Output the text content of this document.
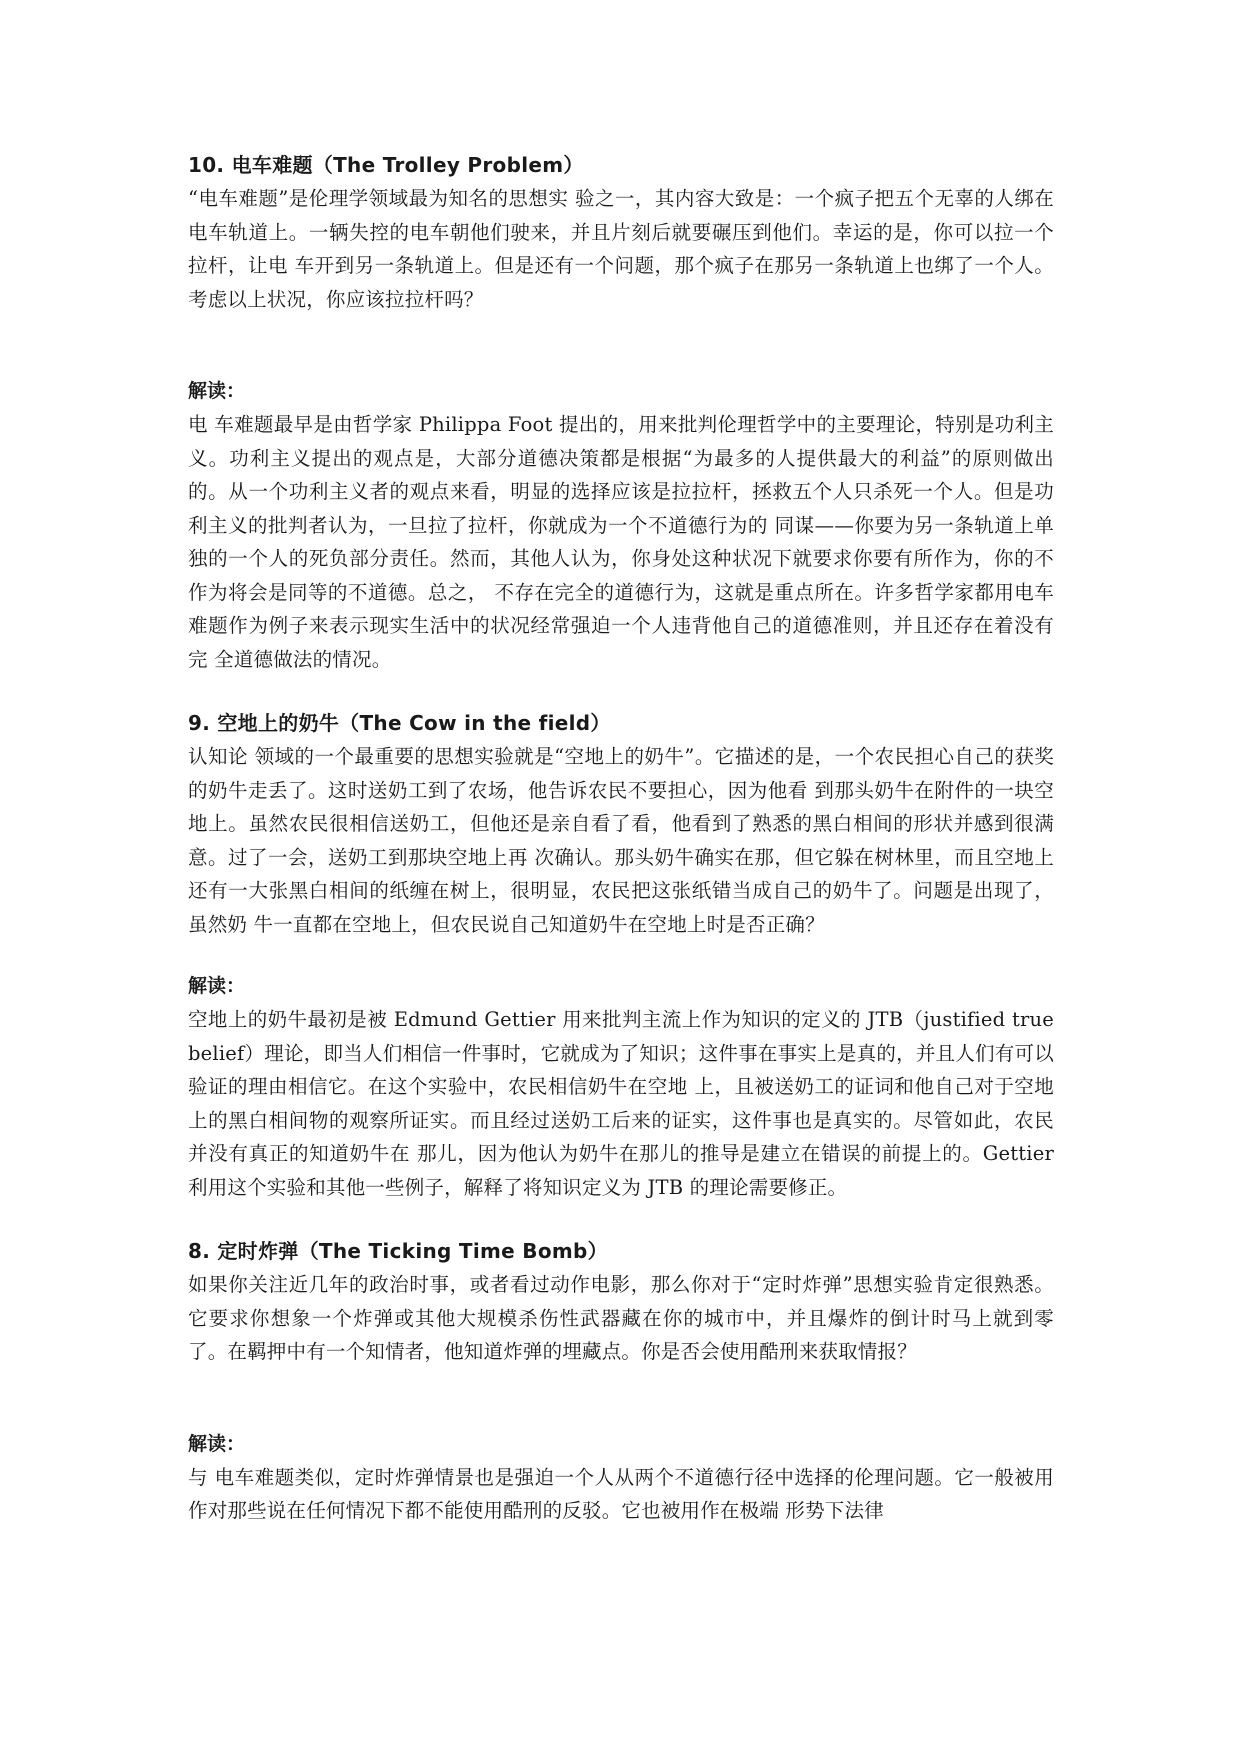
10. 电车难题（The Trolley Problem）

“电车难题”是伦理学领域最为知名的思想实 验之一，其内容大致是：一个疯子把五个无辜的人绑在电车轨道上。一辆失控的电车朝他们驶来，并且片刻后就要碾压到他们。幸运的是，你可以拉一个拉杆，让电 车开到另一条轨道上。但是还有一个问题，那个疯子在那另一条轨道上也绑了一个人。考虑以上状况，你应该拉拉杆吗？

解读：

电 车难题最早是由哲学家 Philippa Foot 提出的，用来批判伦理哲学中的主要理论，特别是功利主义。功利主义提出的观点是，大部分道德决策都是根据“为最多的人提供最大的利益”的原则做出 的。从一个功利主义者的观点来看，明显的选择应该是拉拉杆，拯救五个人只杀死一个人。但是功利主义的批判者认为，一旦拉了拉杆，你就成为一个不道德行为的 同谋——你要为另一条轨道上单独的一个人的死负部分责任。然而，其他人认为，你身处这种状况下就要求你要有所作为，你的不作为将会是同等的不道德。总之， 不存在完全的道德行为，这就是重点所在。许多哲学家都用电车难题作为例子来表示现实生活中的状况经常强迫一个人违背他自己的道德准则，并且还存在着没有完 全道德做法的情况。

9. 空地上的奶牛（The Cow in the field）

认知论 领域的一个最重要的思想实验就是“空地上的奶牛”。它描述的是，一个农民担心自己的获奖的奶牛走丢了。这时送奶工到了农场，他告诉农民不要担心，因为他看 到那头奶牛在附件的一块空地上。虽然农民很相信送奶工，但他还是亲自看了看，他看到了熟悉的黑白相间的形状并感到很满意。过了一会，送奶工到那块空地上再 次确认。那头奶牛确实在那，但它躲在树林里，而且空地上还有一大张黑白相间的纸缠在树上，很明显，农民把这张纸错当成自己的奶牛了。问题是出现了，虽然奶 牛一直都在空地上，但农民说自己知道奶牛在空地上时是否正确？

解读：

空地上的奶牛最初是被 Edmund Gettier 用来批判主流上作为知识的定义的 JTB（justified true belief）理论，即当人们相信一件事时，它就成为了知识；这件事在事实上是真的，并且人们有可以验证的理由相信它。在这个实验中，农民相信奶牛在空地 上，且被送奶工的证词和他自己对于空地上的黑白相间物的观察所证实。而且经过送奶工后来的证实，这件事也是真实的。尽管如此，农民并没有真正的知道奶牛在 那儿，因为他认为奶牛在那儿的推导是建立在错误的前提上的。Gettier 利用这个实验和其他一些例子，解释了将知识定义为 JTB 的理论需要修正。

8. 定时炸弹（The Ticking Time Bomb）

如果你关注近几年的政治时事，或者看过动作电影，那么你对于“定时炸弹”思想实验肯定很熟悉。它要求你想象一个炸弹或其他大规模杀伤性武器藏在你的城市中，并且爆炸的倒计时马上就到零了。在羁押中有一个知情者，他知道炸弹的埋藏点。你是否会使用酷刑来获取情报？

解读：

与 电车难题类似，定时炸弹情景也是强迫一个人从两个不道德行径中选择的伦理问题。它一般被用作对那些说在任何情况下都不能使用酷刑的反驳。它也被用作在极端 形势下法律
